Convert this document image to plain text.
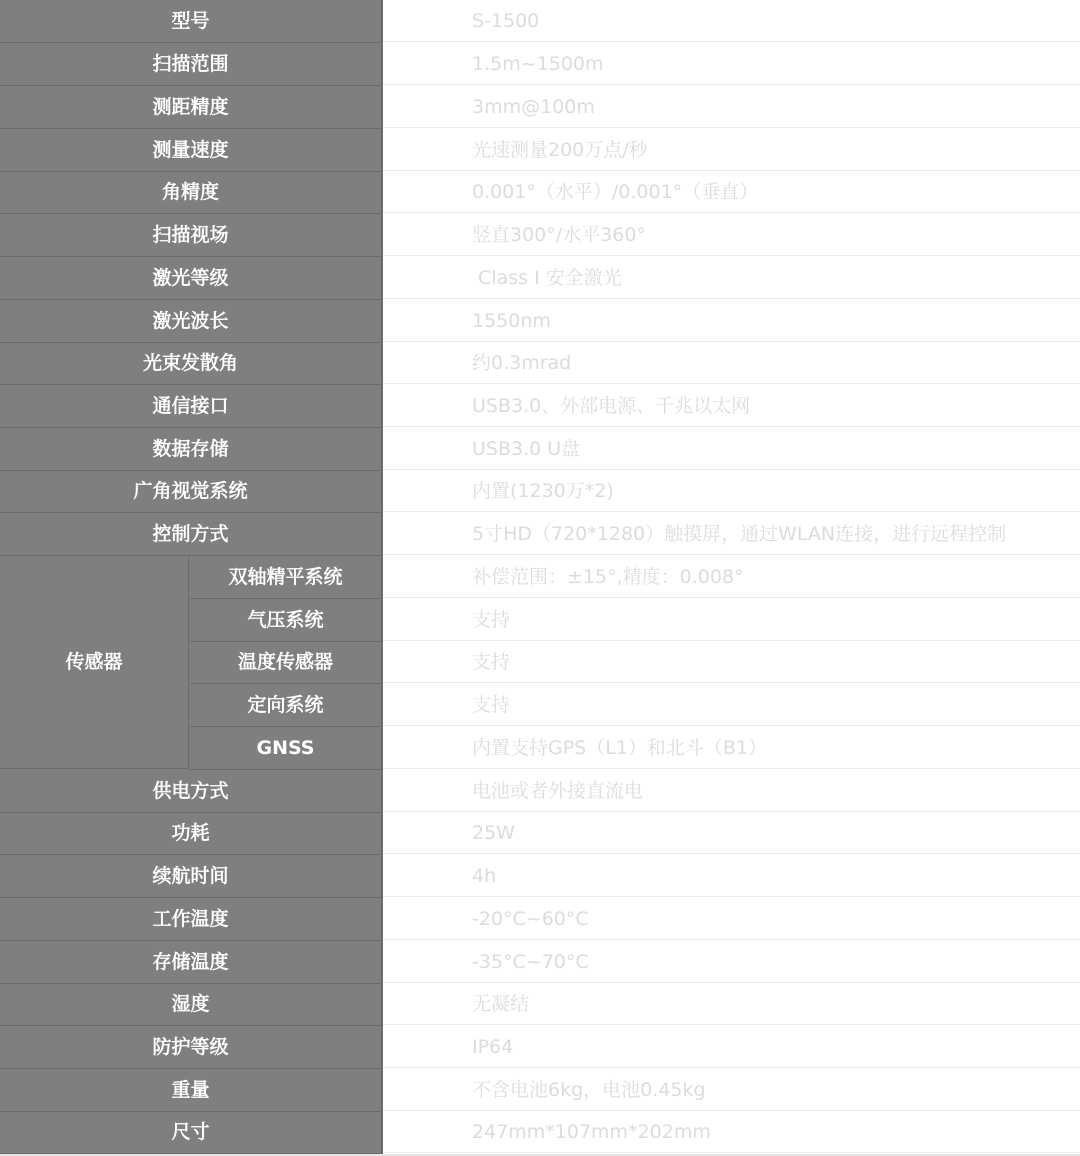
型号	S-1500
扫描范围	1.5m~1500m
测距精度	3mm@100m
测量速度	光速测量200万点/秒
角精度	0.001°（水平）/0.001°（垂直）
扫描视场	竖直300°/水平360°
激光等级	Class Ⅰ 安全激光
激光波长	1550nm
光束发散角	约0.3mrad
通信接口	USB3.0、外部电源、千兆以太网
数据存储	USB3.0 U盘
广角视觉系统	内置(1230万*2)
控制方式	5寸HD（720*1280）触摸屏，通过WLAN连接，进行远程控制
传感器
双轴精平系统	补偿范围：±15°,精度：0.008°
气压系统	支持
温度传感器	支持
定向系统	支持
GNSS	内置支持GPS（L1）和北斗（B1）
供电方式	电池或者外接直流电
功耗	25W
续航时间	4h
工作温度	-20°C~60°C
存储温度	-35°C~70°C
湿度	无凝结
防护等级	IP64
重量	不含电池6kg，电池0.45kg
尺寸	247mm*107mm*202mm
